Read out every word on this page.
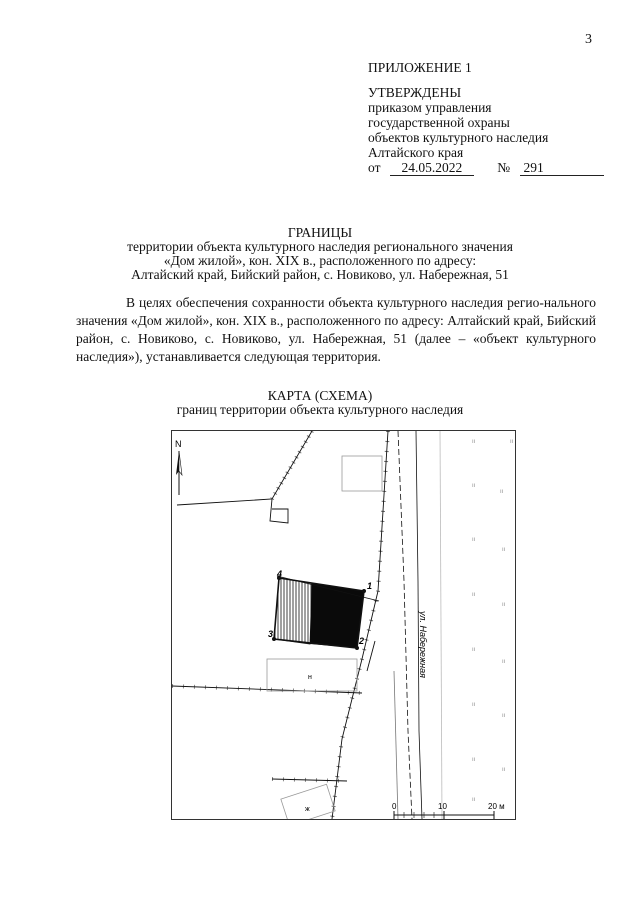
3
ПРИЛОЖЕНИЕ 1
УТВЕРЖДЕНЫ
приказом управления
государственной охраны
объектов культурного наследия
Алтайского края
от 24.05.2022	№ 291
ГРАНИЦЫ
территории объекта культурного наследия регионального значения
«Дом жилой», кон. XIX в., расположенного по адресу:
Алтайский край, Бийский район, с. Новиково, ул. Набережная, 51
В целях обеспечения сохранности объекта культурного наследия регио-нального значения «Дом жилой», кон. XIX в., расположенного по адресу: Алтайский край, Бийский район, с. Новиково, с. Новиково, ул. Набережная, 51 (далее – «объект культурного наследия»), устанавливается следующая территория.
КАРТА (СХЕМА)
границ территории объекта культурного наследия
N
н
ж
1
2
3
4
ул. Набережная
ıı	ıı
ıı
ıı
ıı
ıı
ıı
ıı
ıı
ıı
ıı
ıı
ıı
ıı
ıı
0	10	20 м
